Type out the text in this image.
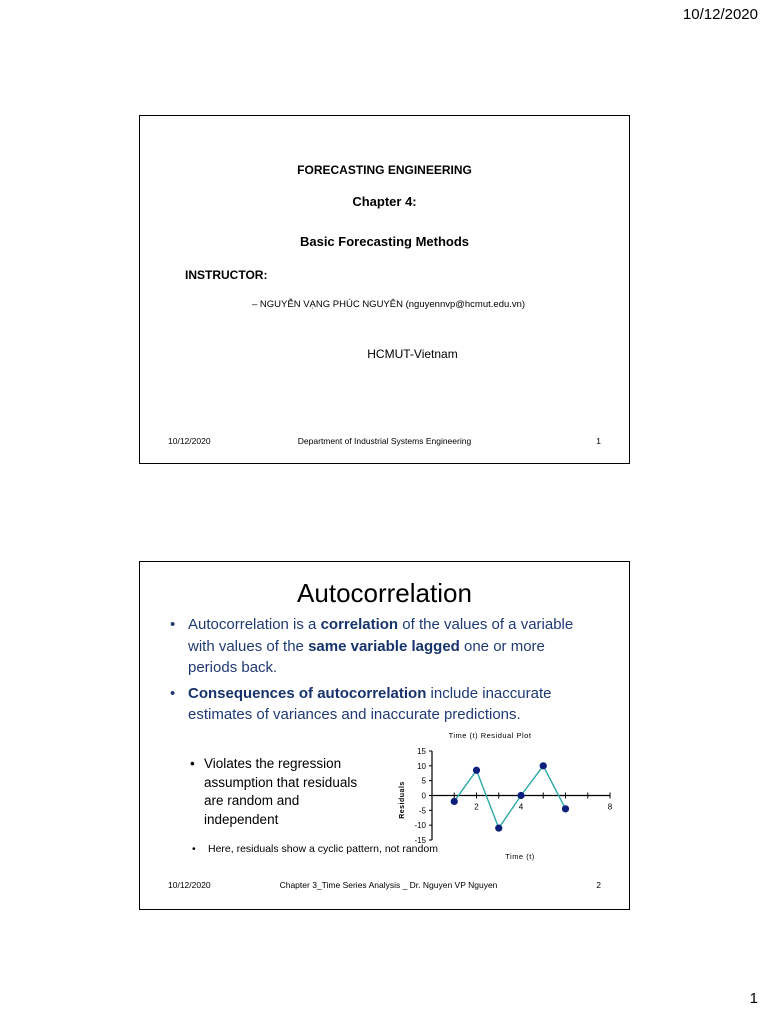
10/12/2020
FORECASTING ENGINEERING
Chapter 4:
Basic Forecasting Methods
INSTRUCTOR:
– NGUYỄN VẠNG PHÚC NGUYÊN (nguyennvp@hcmut.edu.vn)
HCMUT-Vietnam
10/12/2020	Department of Industrial Systems Engineering	1
Autocorrelation
• Autocorrelation is a correlation of the values of a variable with values of the same variable lagged one or more periods back.
• Consequences of autocorrelation include inaccurate estimates of variances and inaccurate predictions.
• Violates the regression assumption that residuals are random and independent
•	Here, residuals show a cyclic pattern, not random
Time (t) Residual Plot
Residuals
Time (t)
15
10
5
0
-5
-10
-15
2	4	8
10/12/2020	Chapter 3_Time Series Analysis _ Dr. Nguyen VP Nguyen	2
1
